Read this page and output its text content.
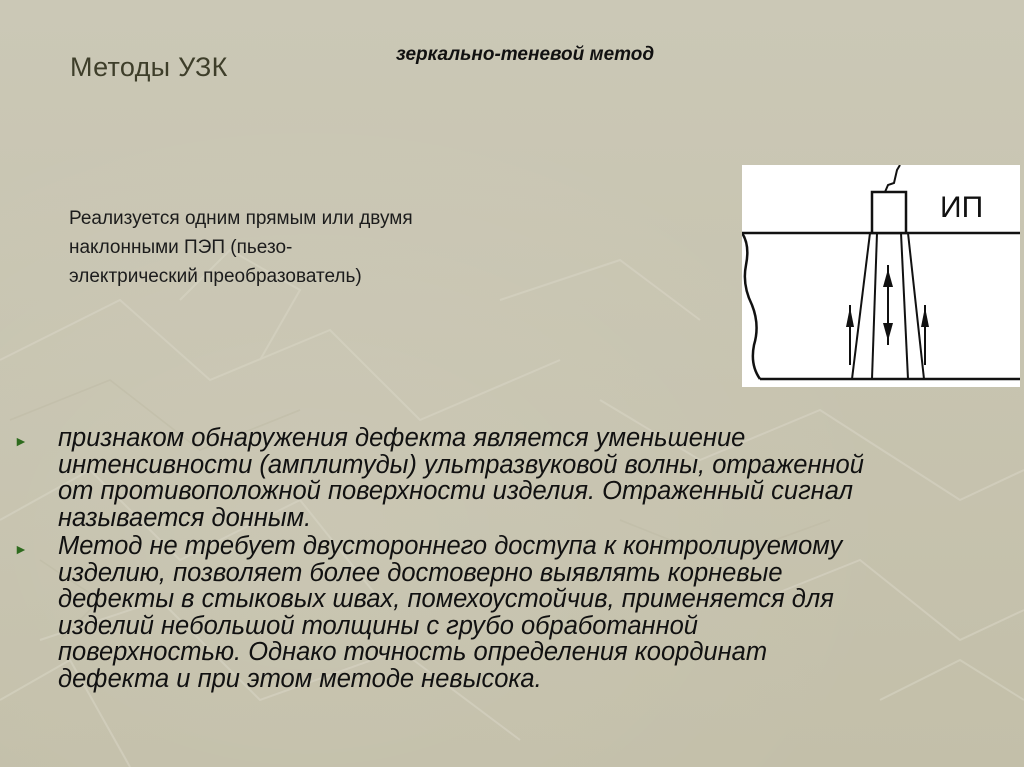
Методы УЗК	зеркально-теневой метод
Реализуется одним прямым или двумя
наклонными ПЭП (пьезо-
электрический преобразователь)
ИП
►	признаком обнаружения дефекта является уменьшение
интенсивности (амплитуды) ультразвуковой волны, отраженной
от противоположной поверхности изделия. Отраженный сигнал
называется донным.
►	Метод не требует двустороннего доступа к контролируемому
изделию, позволяет более достоверно выявлять корневые
дефекты в стыковых швах, помехоустойчив, применяется для
изделий небольшой толщины с грубо обработанной
поверхностью. Однако точность определения координат
дефекта и при этом методе невысока.
